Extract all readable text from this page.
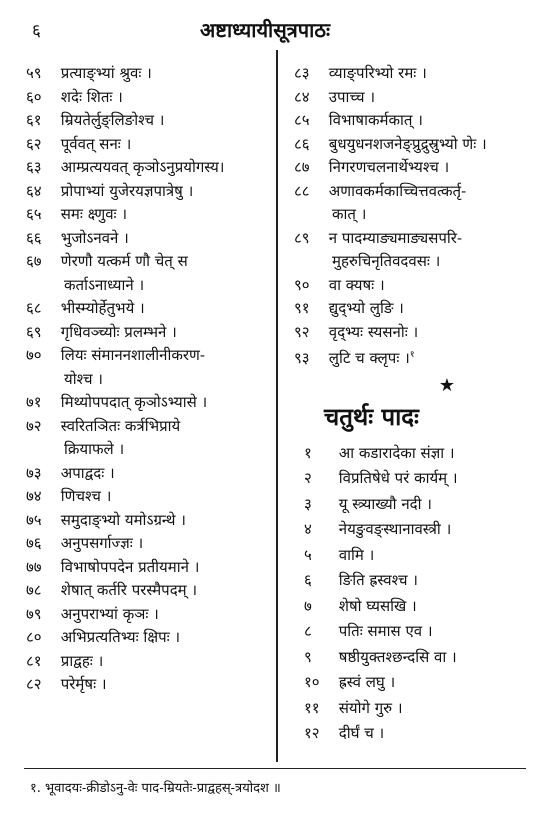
६	अष्टाध्यायीसूत्रपाठः
५९ प्रत्याङ्भ्यां श्रुवः ।
६० शदेः शितः ।
६१ म्रियतेर्लुङ्लिङोश्च ।
६२ पूर्ववत् सनः ।
६३ आम्प्रत्ययवत् कृञोऽनुप्रयोगस्य।
६४ प्रोपाभ्यां युजेरयज्ञपात्रेषु ।
६५ समः क्ष्णुवः ।
६६ भुजोऽनवने ।
६७ णेरणौ यत्कर्म णौ चेत् स
कर्ताऽनाध्याने ।
६८ भीस्म्योर्हेतुभये ।
६९ गृधिवञ्च्योः प्रलम्भने ।
७० लियः संमाननशालीनीकरण-
योश्च ।
७१ मिथ्योपपदात् कृञोऽभ्यासे ।
७२ स्वरितञितः कर्त्रभिप्राये
क्रियाफले ।
७३ अपाद्वदः ।
७४ णिचश्च ।
७५ समुदाङ्भ्यो यमोऽग्रन्थे ।
७६ अनुपसर्गाज्ज्ञः ।
७७ विभाषोपपदेन प्रतीयमाने ।
७८ शेषात् कर्तरि परस्मैपदम् ।
७९ अनुपराभ्यां कृञः ।
८० अभिप्रत्यतिभ्यः क्षिपः ।
८१ प्राद्वहः ।
८२ परेर्मृषः ।
८३ व्याङ्परिभ्यो रमः ।
८४ उपाच्च ।
८५ विभाषाकर्मकात् ।
८६ बुधयुधनशजनेङ्प्रुद्रुस्रुभ्यो णेः ।
८७ निगरणचलनार्थेभ्यश्च ।
८८ अणावकर्मकाच्चित्तवत्कर्तृ-
कात् ।
८९ न पादम्याङ्यमाङ्यसपरि-
मुहरुचिनृतिवदवसः ।
९० वा क्यषः ।
९१ द्युद्भ्यो लुङि ।
९२ वृद्भ्यः स्यसनोः ।
९३ लुटि च क्लृपः ।$^१$
★
चतुर्थः पादः
१ आ कडारादेका संज्ञा ।
२ विप्रतिषेधे परं कार्यम् ।
३ यू स्त्र्याख्यौ नदी ।
४ नेयङुवङ्स्थानावस्त्री ।
५ वामि ।
६ ङिति ह्रस्वश्च ।
७ शेषो घ्यसखि ।
८ पतिः समास एव ।
९ षष्ठीयुक्तश्छन्दसि वा ।
१० ह्रस्वं लघु ।
११ संयोगे गुरु ।
१२ दीर्घं च ।
१. भूवादयः-क्रीडोऽनु-वेः पाद-म्रियतेः-प्राद्वहस्-त्रयोदश ॥
